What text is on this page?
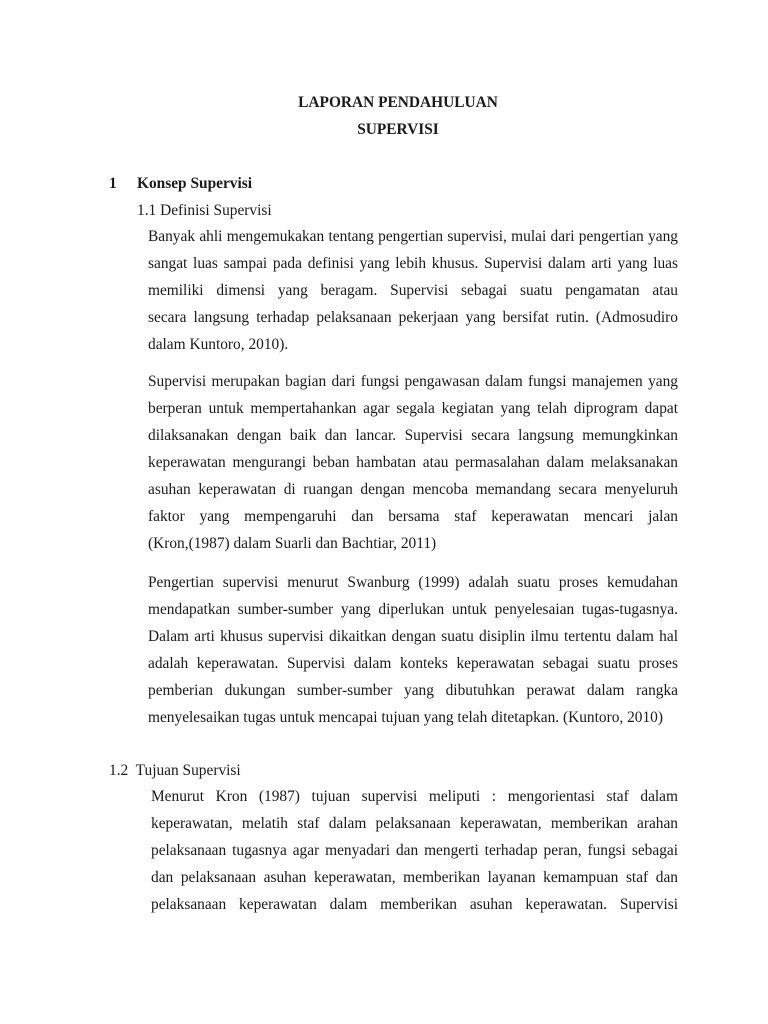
LAPORAN PENDAHULUAN
SUPERVISI
1 Konsep Supervisi
1.1 Definisi Supervisi
Banyak ahli mengemukakan tentang pengertian supervisi, mulai dari pengertian yang
sangat luas sampai pada definisi yang lebih khusus. Supervisi dalam arti yang luas
memiliki dimensi yang beragam. Supervisi sebagai suatu pengamatan atau
secara langsung terhadap pelaksanaan pekerjaan yang bersifat rutin. (Admosudiro
dalam Kuntoro, 2010).
Supervisi merupakan bagian dari fungsi pengawasan dalam fungsi manajemen yang
berperan untuk mempertahankan agar segala kegiatan yang telah diprogram dapat
dilaksanakan dengan baik dan lancar. Supervisi secara langsung memungkinkan
keperawatan mengurangi beban hambatan atau permasalahan dalam melaksanakan
asuhan keperawatan di ruangan dengan mencoba memandang secara menyeluruh
faktor yang mempengaruhi dan bersama staf keperawatan mencari jalan
(Kron,(1987) dalam Suarli dan Bachtiar, 2011)
Pengertian supervisi menurut Swanburg (1999) adalah suatu proses kemudahan
mendapatkan sumber-sumber yang diperlukan untuk penyelesaian tugas-tugasnya.
Dalam arti khusus supervisi dikaitkan dengan suatu disiplin ilmu tertentu dalam hal
adalah keperawatan. Supervisi dalam konteks keperawatan sebagai suatu proses
pemberian dukungan sumber-sumber yang dibutuhkan perawat dalam rangka
menyelesaikan tugas untuk mencapai tujuan yang telah ditetapkan. (Kuntoro, 2010)
1.2  Tujuan Supervisi
Menurut Kron (1987) tujuan supervisi meliputi : mengorientasi staf dalam
keperawatan, melatih staf dalam pelaksanaan keperawatan, memberikan arahan
pelaksanaan tugasnya agar menyadari dan mengerti terhadap peran, fungsi sebagai
dan pelaksanaan asuhan keperawatan, memberikan layanan kemampuan staf dan
pelaksanaan keperawatan dalam memberikan asuhan keperawatan. Supervisi
